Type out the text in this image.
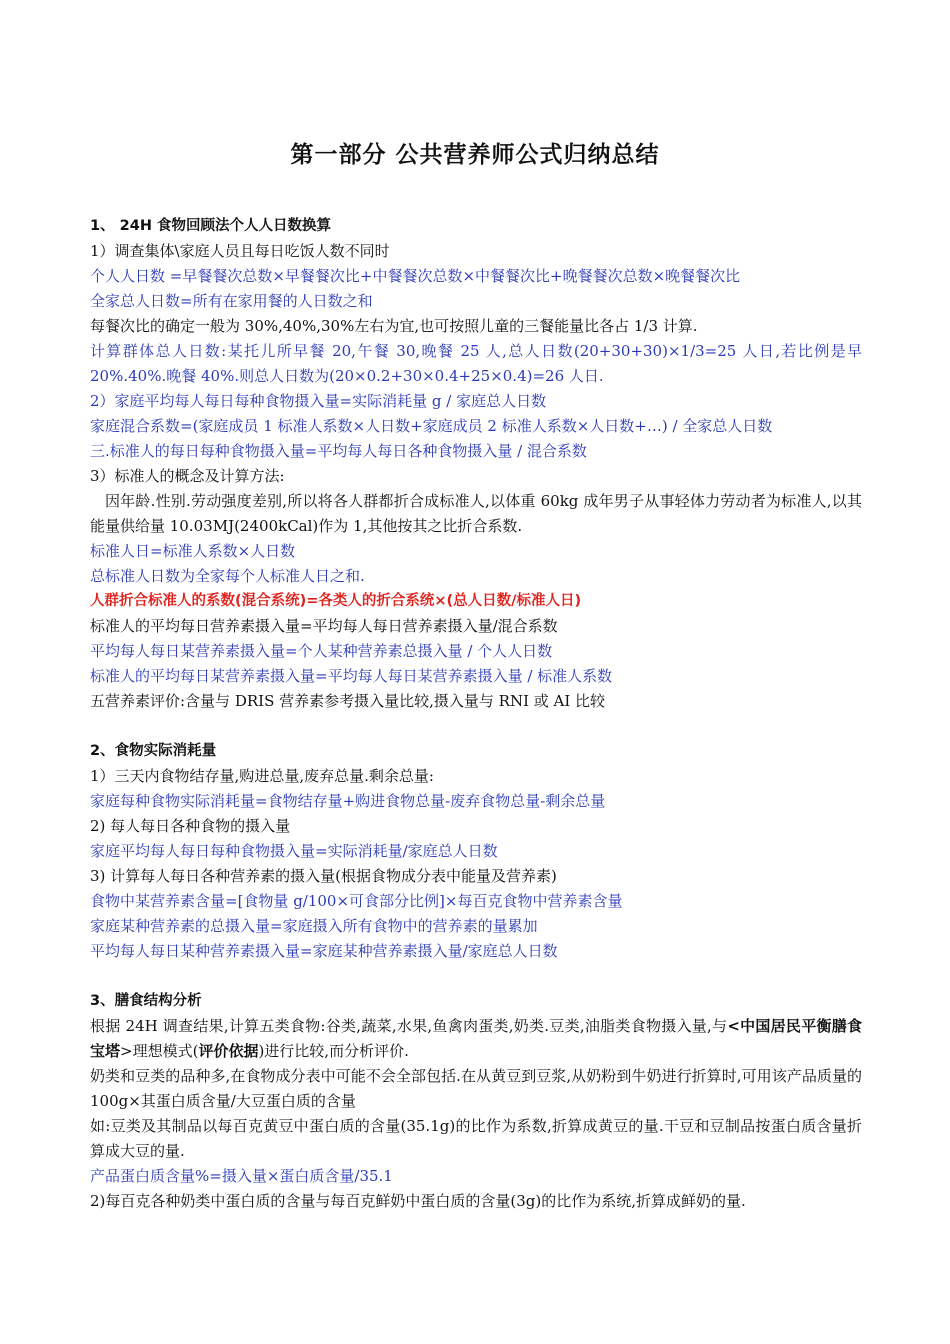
第一部分 公共营养师公式归纳总结
1、 24H 食物回顾法个人人日数换算
1）调查集体\家庭人员且每日吃饭人数不同时
个人人日数 =早餐餐次总数×早餐餐次比+中餐餐次总数×中餐餐次比+晚餐餐次总数×晚餐餐次比
全家总人日数=所有在家用餐的人日数之和
每餐次比的确定一般为 30%,40%,30%左右为宜,也可按照儿童的三餐能量比各占 1/3 计算.
计算群体总人日数:某托儿所早餐 20,午餐 30,晚餐 25 人,总人日数(20+30+30)×1/3=25 人日,若比例是早 20%.40%.晚餐 40%.则总人日数为(20×0.2+30×0.4+25×0.4)=26 人日.
2）家庭平均每人每日每种食物摄入量=实际消耗量 g / 家庭总人日数
家庭混合系数=(家庭成员 1 标准人系数×人日数+家庭成员 2 标准人系数×人日数+…) / 全家总人日数
三.标准人的每日每种食物摄入量=平均每人每日各种食物摄入量 / 混合系数
3）标准人的概念及计算方法:
因年龄.性别.劳动强度差别,所以将各人群都折合成标准人,以体重 60kg 成年男子从事轻体力劳动者为标准人,以其能量供给量 10.03MJ(2400kCal)作为 1,其他按其之比折合系数.
标准人日=标准人系数×人日数
总标准人日数为全家每个人标准人日之和.
人群折合标准人的系数(混合系统)=各类人的折合系统×(总人日数/标准人日)
标准人的平均每日营养素摄入量=平均每人每日营养素摄入量/混合系数
平均每人每日某营养素摄入量=个人某种营养素总摄入量 / 个人人日数
标准人的平均每日某营养素摄入量=平均每人每日某营养素摄入量 / 标准人系数
五营养素评价:含量与 DRIS 营养素参考摄入量比较,摄入量与 RNI 或 AI 比较
2、食物实际消耗量
1）三天内食物结存量,购进总量,废弃总量.剩余总量:
家庭每种食物实际消耗量=食物结存量+购进食物总量-废弃食物总量-剩余总量
2) 每人每日各种食物的摄入量
家庭平均每人每日每种食物摄入量=实际消耗量/家庭总人日数
3) 计算每人每日各种营养素的摄入量(根据食物成分表中能量及营养素)
食物中某营养素含量=[食物量 g/100×可食部分比例]×每百克食物中营养素含量
家庭某种营养素的总摄入量=家庭摄入所有食物中的营养素的量累加
平均每人每日某种营养素摄入量=家庭某种营养素摄入量/家庭总人日数
3、膳食结构分析
根据 24H 调查结果,计算五类食物:谷类,蔬菜,水果,鱼禽肉蛋类,奶类.豆类,油脂类食物摄入量,与<中国居民平衡膳食宝塔>理想模式(评价依据)进行比较,而分析评价.
奶类和豆类的品种多,在食物成分表中可能不会全部包括.在从黄豆到豆浆,从奶粉到牛奶进行折算时,可用该产品质量的 100g×其蛋白质含量/大豆蛋白质的含量
如:豆类及其制品以每百克黄豆中蛋白质的含量(35.1g)的比作为系数,折算成黄豆的量.干豆和豆制品按蛋白质含量折算成大豆的量.
产品蛋白质含量%=摄入量×蛋白质含量/35.1
2)每百克各种奶类中蛋白质的含量与每百克鲜奶中蛋白质的含量(3g)的比作为系统,折算成鲜奶的量.
